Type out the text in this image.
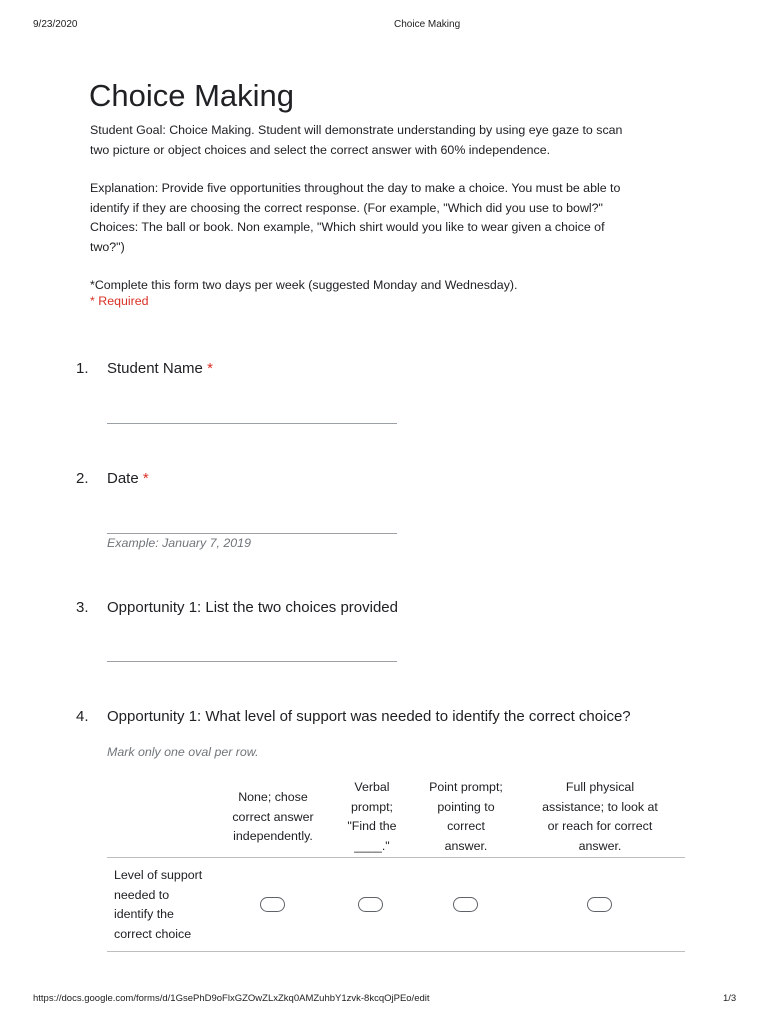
9/23/2020	Choice Making
Choice Making
Student Goal: Choice Making. Student will demonstrate understanding by using eye gaze to scan
two picture or object choices and select the correct answer with 60% independence.
Explanation: Provide five opportunities throughout the day to make a choice. You must be able to
identify if they are choosing the correct response. (For example, "Which did you use to bowl?"
Choices: The ball or book. Non example, "Which shirt would you like to wear given a choice of
two?")
*Complete this form two days per week (suggested Monday and Wednesday).
* Required
1. Student Name *
2. Date *
Example: January 7, 2019
3. Opportunity 1: List the two choices provided
4. Opportunity 1: What level of support was needed to identify the correct choice?
Mark only one oval per row.
None; chose
correct answer
independently.
Verbal
prompt;
"Find the
____."
Point prompt;
pointing to
correct
answer.
Full physical
assistance; to look at
or reach for correct
answer.
Level of support
needed to
identify the
correct choice
https://docs.google.com/forms/d/1GsePhD9oFlxGZOwZLxZkq0AMZuhbY1zvk-8kcqOjPEo/edit	1/3
